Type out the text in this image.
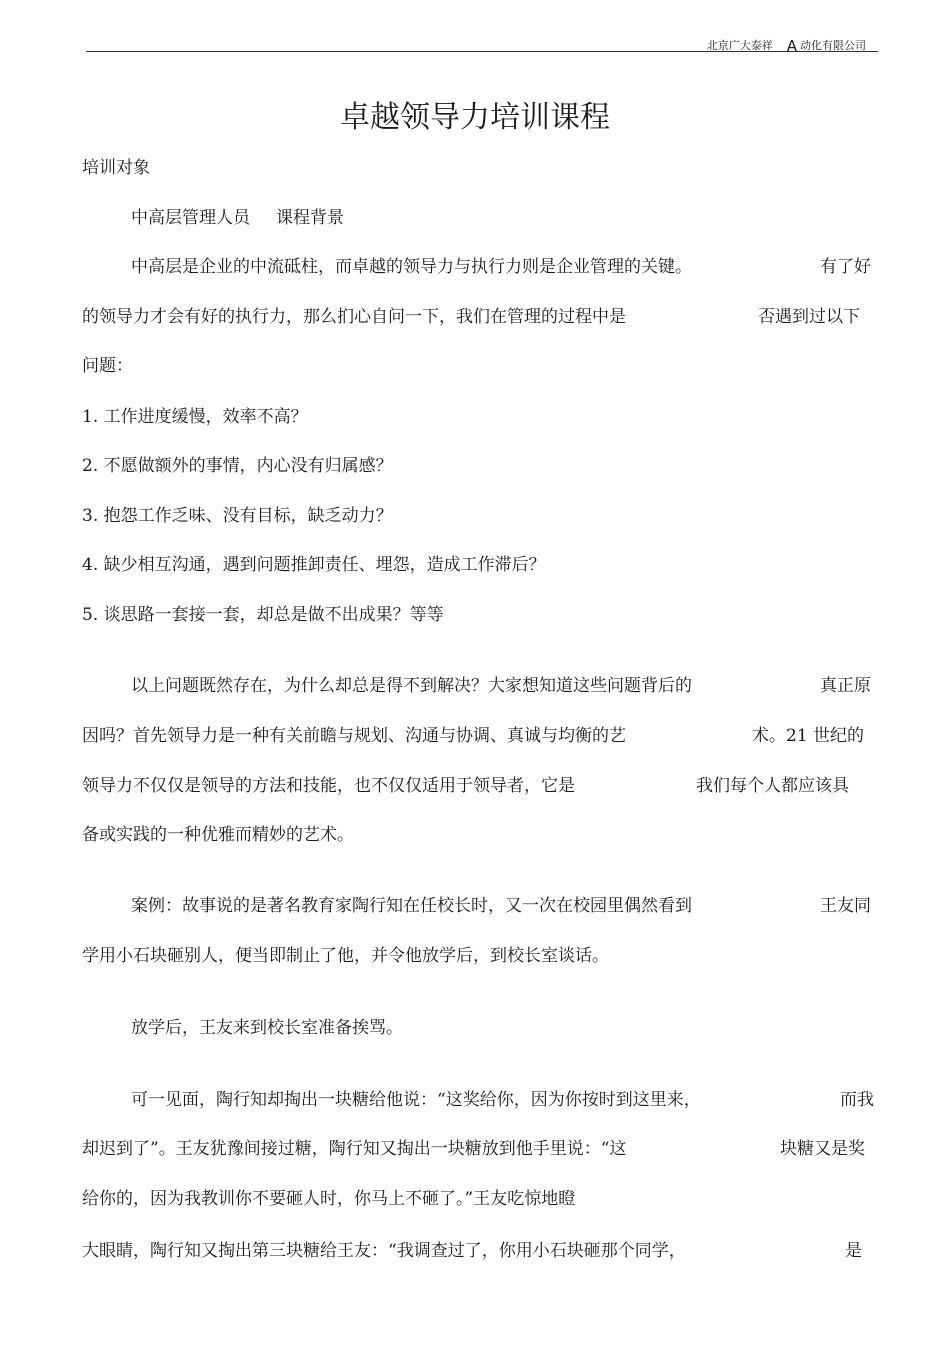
北京广大泰祥 A 动化有限公司
卓越领导力培训课程
培训对象
中高层管理人员 课程背景
中高层是企业的中流砥柱，而卓越的领导力与执行力则是企业管理的关键。	有了好
的领导力才会有好的执行力，那么扪心自问一下，我们在管理的过程中是	否遇到过以下
问题：
1. 工作进度缓慢，效率不高？
2. 不愿做额外的事情，内心没有归属感？
3. 抱怨工作乏味、没有目标，缺乏动力？
4. 缺少相互沟通，遇到问题推卸责任、埋怨，造成工作滞后？
5. 谈思路一套接一套，却总是做不出成果？等等
以上问题既然存在，为什么却总是得不到解决？大家想知道这些问题背后的	真正原
因吗？首先领导力是一种有关前瞻与规划、沟通与协调、真诚与均衡的艺	术。21 世纪的
领导力不仅仅是领导的方法和技能，也不仅仅适用于领导者，它是	我们每个人都应该具
备或实践的一种优雅而精妙的艺术。
案例：故事说的是著名教育家陶行知在任校长时，又一次在校园里偶然看到	王友同
学用小石块砸别人，便当即制止了他，并令他放学后，到校长室谈话。
放学后，王友来到校长室准备挨骂。
可一见面，陶行知却掏出一块糖给他说：“这奖给你，因为你按时到这里来，	而我
却迟到了”。王友犹豫间接过糖，陶行知又掏出一块糖放到他手里说：“这	块糖又是奖
给你的，因为我教训你不要砸人时，你马上不砸了。”王友吃惊地瞪
大眼睛，陶行知又掏出第三块糖给王友：“我调查过了，你用小石块砸那个同学，	是
